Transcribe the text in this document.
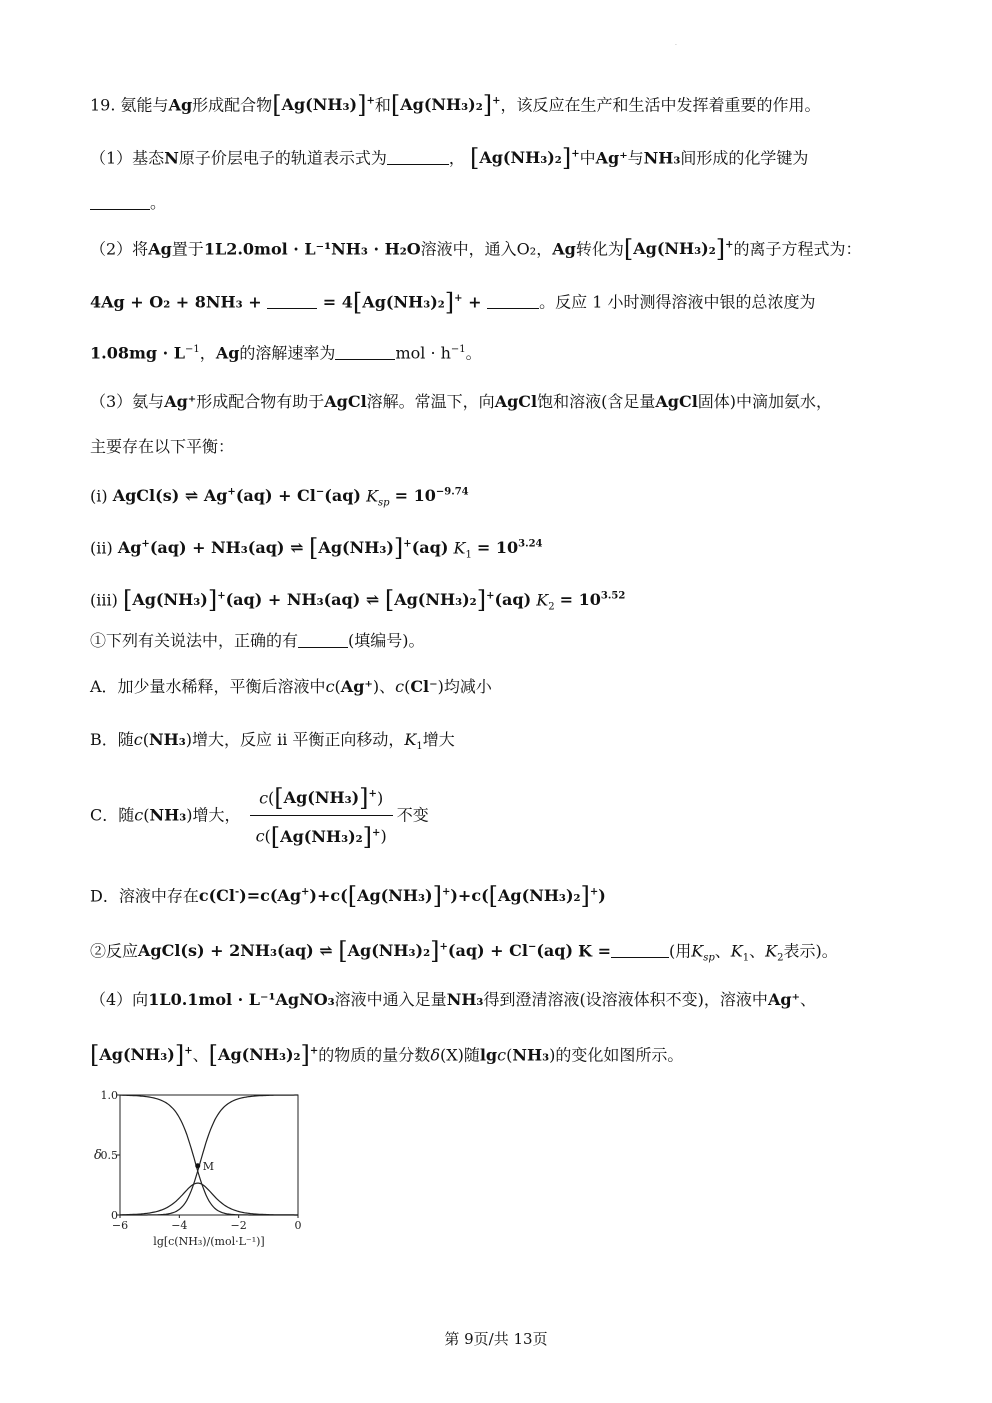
.
19. 氨能与Ag形成配合物[Ag(NH₃)]+和[Ag(NH₃)₂]+，该反应在生产和生活中发挥着重要的作用。
（1）基态N原子价层电子的轨道表示式为	， [Ag(NH₃)₂]+中Ag⁺与NH₃间形成的化学键为
。
（2）将Ag置于1L2.0mol · L⁻¹NH₃ · H₂O溶液中，通入O₂，Ag转化为[Ag(NH₃)₂]+的离子方程式为：
4Ag + O₂ + 8NH₃ +	= 4[Ag(NH₃)₂]+ +	。反应 1 小时测得溶液中银的总浓度为
$1.08mg \cdot L^{-1}$，Ag的溶解速率为	mol · $h^{-1}$。
（3）氨与Ag⁺形成配合物有助于AgCl溶解。常温下，向AgCl饱和溶液(含足量AgCl固体)中滴加氨水，
主要存在以下平衡：
(i) AgCl(s) ⇌ Ag+(aq) + Cl−(aq) $K_{sp} = 10^{-9.74}$
(ii) Ag+(aq) + NH₃(aq) ⇌ [Ag(NH₃)]+(aq) $K_1 = 10^{3.24}$
(iii) [Ag(NH₃)]+(aq) + NH₃(aq) ⇌ [Ag(NH₃)₂]+(aq) $K_2 = 10^{3.52}$
①下列有关说法中，正确的有	(填编号)。
A．加少量水稀释，平衡后溶液中c(Ag⁺)、c(Cl⁻)均减小
B．随c(NH₃)增大，反应 ii 平衡正向移动，$K_1$增大
C．随c(NH₃)增大， $\frac{c([Ag(NH_3)]^+)}{c([Ag(NH_3)_2]^+)}$ 不变
D．溶液中存在c(Cl-)=c(Ag+)+c([Ag(NH₃)]+)+c([Ag(NH₃)₂]+)
②反应AgCl(s) + 2NH₃(aq) ⇌ [Ag(NH₃)₂]+(aq) + Cl−(aq) K =	(用$K_{sp}$、$K_1$、$K_2$表示)。
（4）向1L0.1mol · L⁻¹AgNO₃溶液中通入足量NH₃得到澄清溶液(设溶液体积不变)，溶液中Ag⁺、
[Ag(NH₃)]+、[Ag(NH₃)₂]+的物质的量分数δ(X)随lgc(NH₃)的变化如图所示。
−6	−4	−2	0
0
0.5
1.0
δ
lg[c(NH₃)/(mol·L⁻¹)]
M
第 9页/共 13页
